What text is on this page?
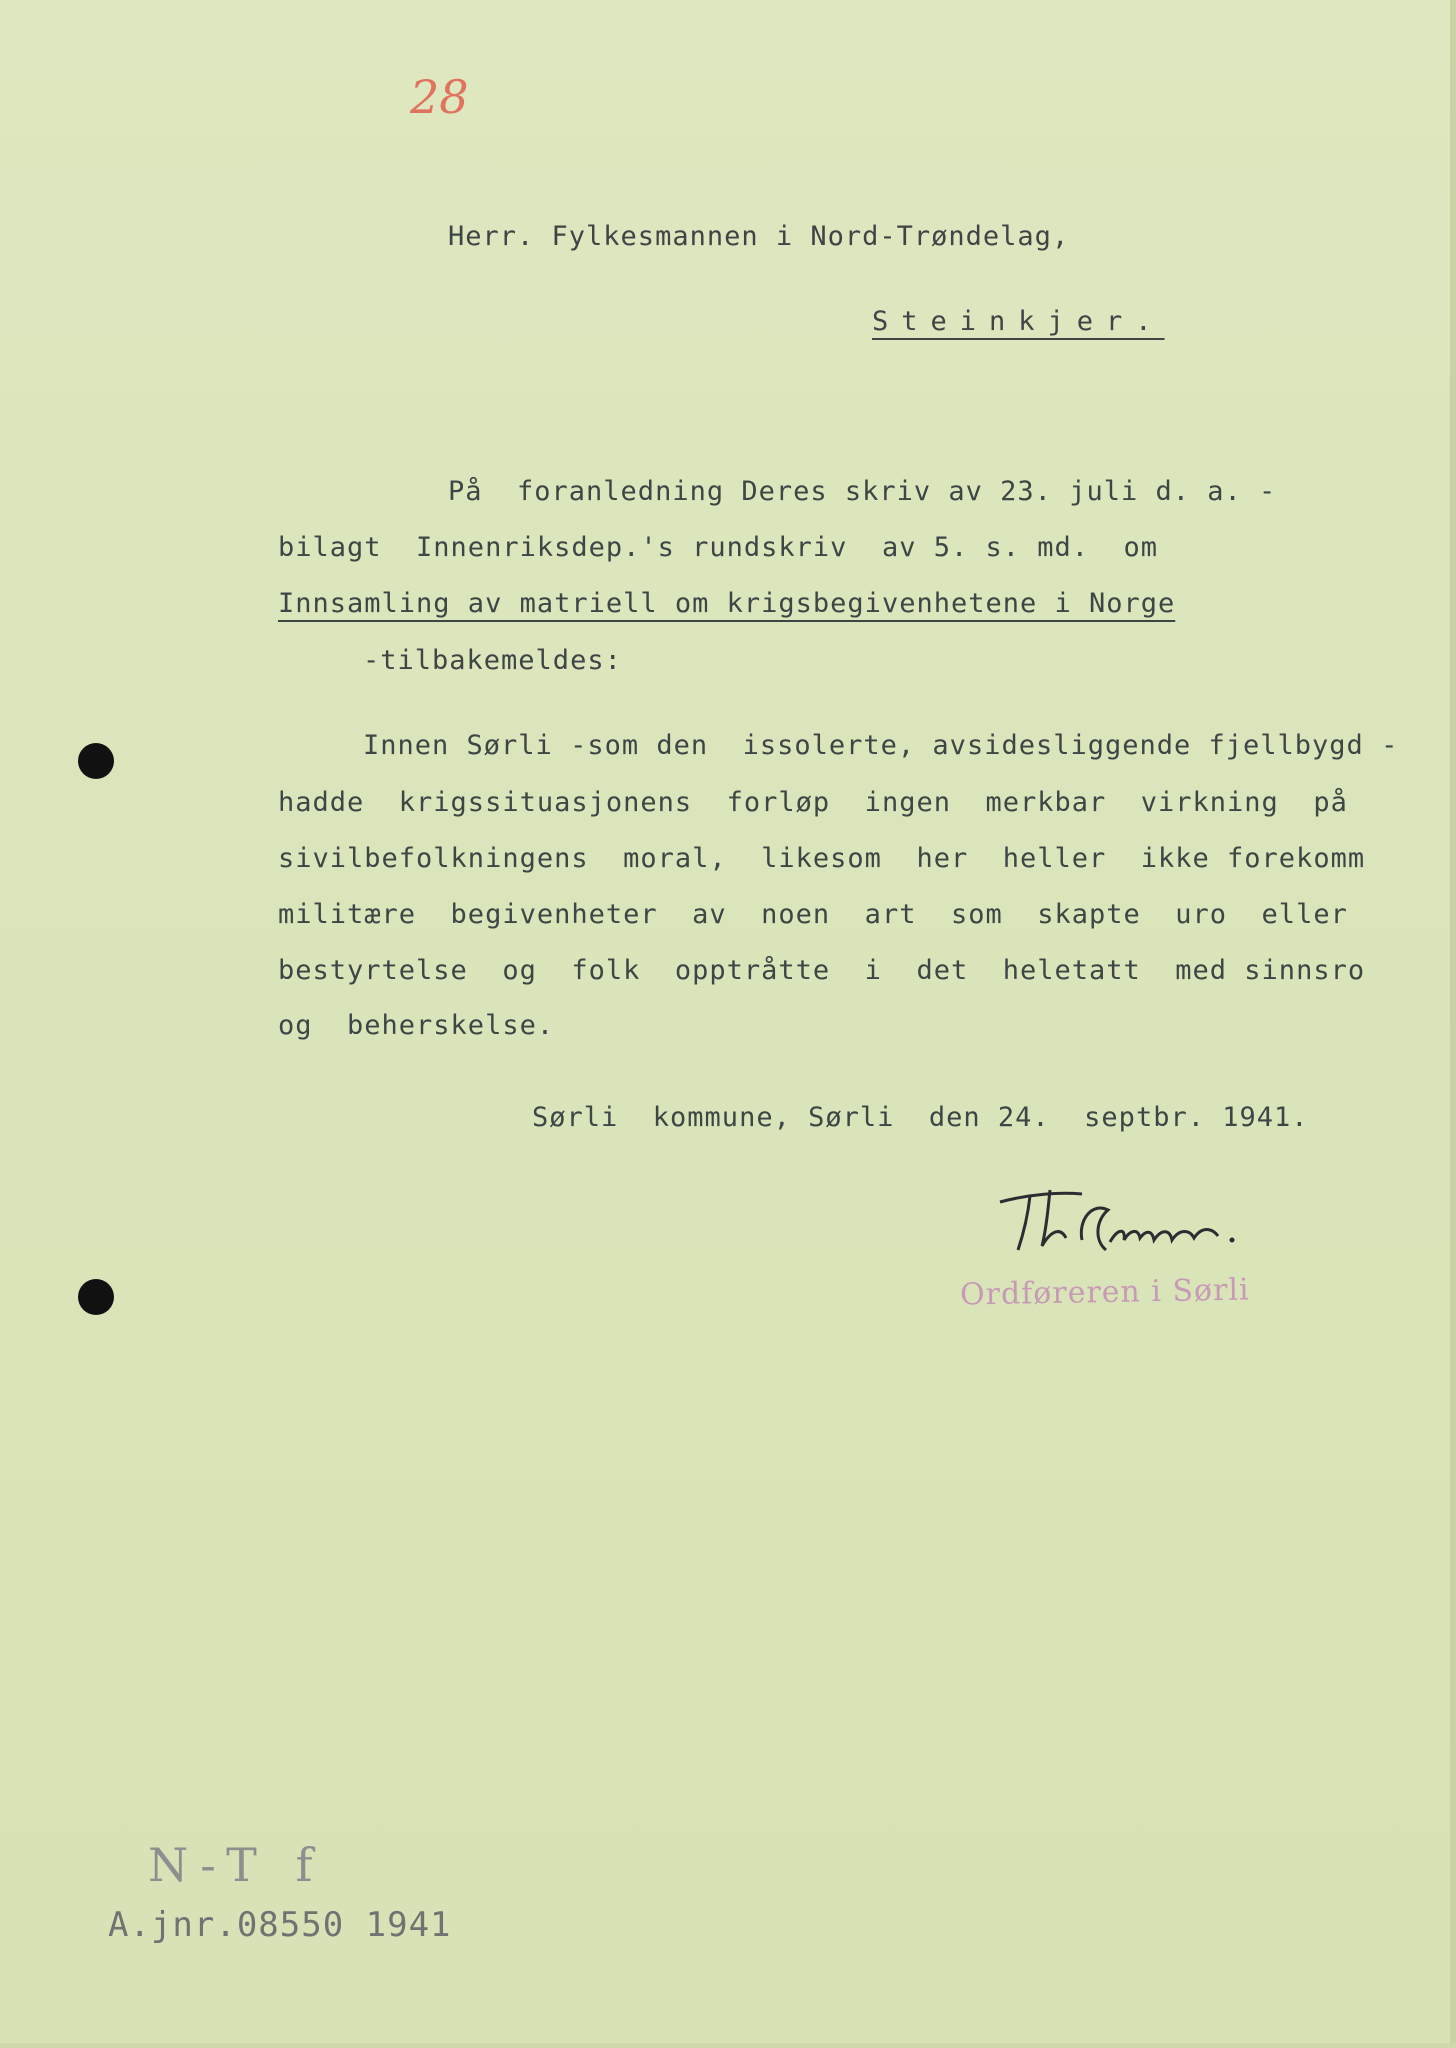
28
Herr. Fylkesmannen i Nord-Trøndelag,
Steinkjer.
På  foranledning Deres skriv av 23. juli d. a. -
bilagt  Innenriksdep.'s rundskriv  av 5. s. md.  om
Innsamling av matriell om krigsbegivenhetene i Norge
-tilbakemeldes:
Innen Sørli -som den  issolerte, avsidesliggende fjellbygd -
hadde  krigssituasjonens  forløp  ingen  merkbar  virkning  på
sivilbefolkningens  moral,  likesom  her  heller  ikke forekomm
militære  begivenheter  av  noen  art  som  skapte  uro  eller
bestyrtelse  og  folk  opptråtte  i  det  heletatt  med sinnsro
og  beherskelse.
Sørli  kommune, Sørli  den 24.  septbr. 1941.
Ordføreren i Sørli
N-T f
A.jnr.08550 1941
